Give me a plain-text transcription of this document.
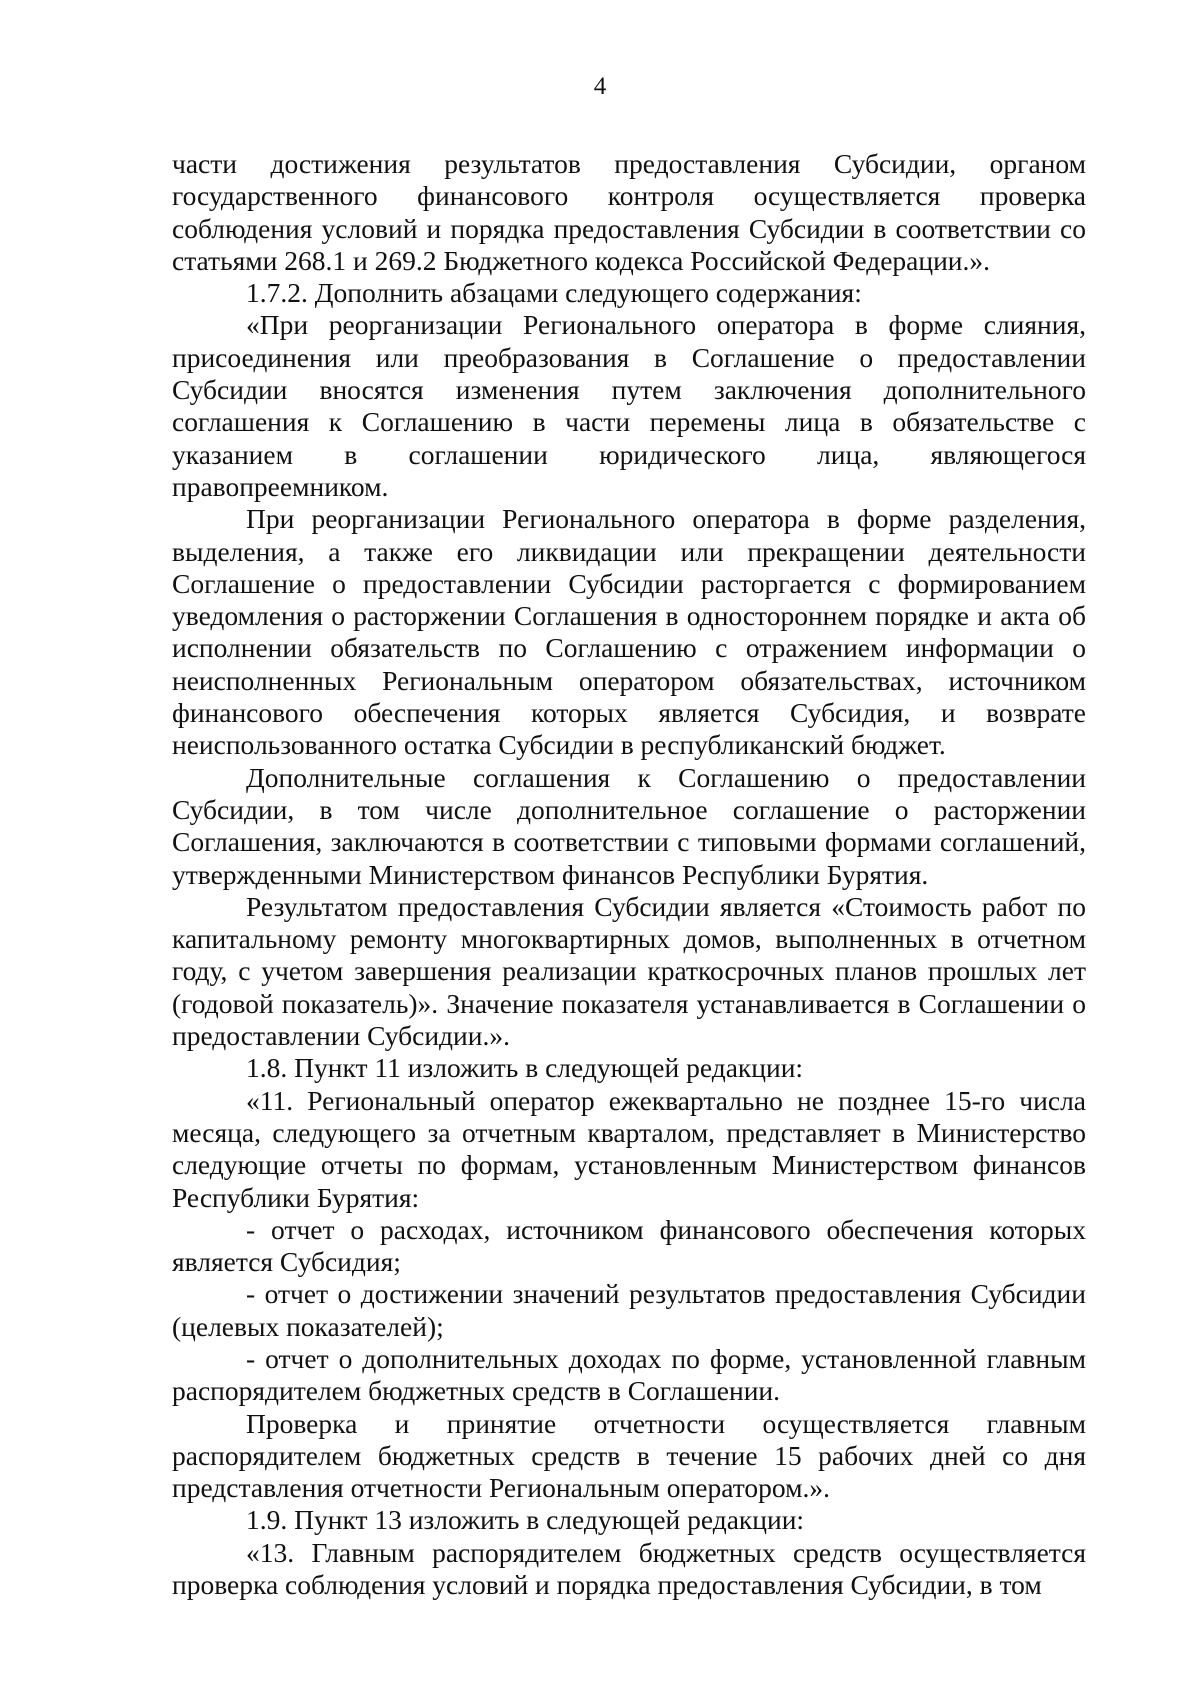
4

части достижения результатов предоставления Субсидии, органом государственного финансового контроля осуществляется проверка соблюдения условий и порядка предоставления Субсидии в соответствии со статьями 268.1 и 269.2 Бюджетного кодекса Российской Федерации.».

1.7.2. Дополнить абзацами следующего содержания:

«При реорганизации Регионального оператора в форме слияния, присоединения или преобразования в Соглашение о предоставлении Субсидии вносятся изменения путем заключения дополнительного соглашения к Соглашению в части перемены лица в обязательстве с указанием в соглашении юридического лица, являющегося правопреемником.

При реорганизации Регионального оператора в форме разделения, выделения, а также его ликвидации или прекращении деятельности Соглашение о предоставлении Субсидии расторгается с формированием уведомления о расторжении Соглашения в одностороннем порядке и акта об исполнении обязательств по Соглашению с отражением информации о неисполненных Региональным оператором обязательствах, источником финансового обеспечения которых является Субсидия, и возврате неиспользованного остатка Субсидии в республиканский бюджет.

Дополнительные соглашения к Соглашению о предоставлении Субсидии, в том числе дополнительное соглашение о расторжении Соглашения, заключаются в соответствии с типовыми формами соглашений, утвержденными Министерством финансов Республики Бурятия.

Результатом предоставления Субсидии является «Стоимость работ по капитальному ремонту многоквартирных домов, выполненных в отчетном году, с учетом завершения реализации краткосрочных планов прошлых лет (годовой показатель)». Значение показателя устанавливается в Соглашении о предоставлении Субсидии.».

1.8. Пункт 11 изложить в следующей редакции:

«11. Региональный оператор ежеквартально не позднее 15-го числа месяца, следующего за отчетным кварталом, представляет в Министерство следующие отчеты по формам, установленным Министерством финансов Республики Бурятия:

- отчет о расходах, источником финансового обеспечения которых является Субсидия;

- отчет о достижении значений результатов предоставления Субсидии (целевых показателей);

- отчет о дополнительных доходах по форме, установленной главным распорядителем бюджетных средств в Соглашении.

Проверка и принятие отчетности осуществляется главным распорядителем бюджетных средств в течение 15 рабочих дней со дня представления отчетности Региональным оператором.».

1.9. Пункт 13 изложить в следующей редакции:

«13. Главным распорядителем бюджетных средств осуществляется проверка соблюдения условий и порядка предоставления Субсидии, в том
